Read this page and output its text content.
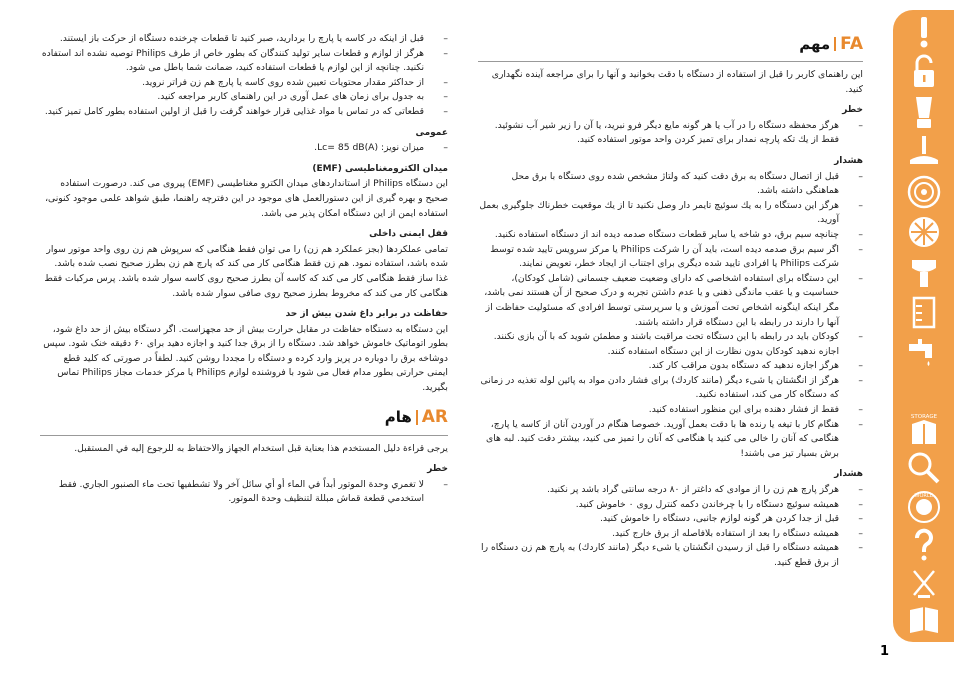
FA
مهم

این راهنمای کاربر را قبل از استفاده از دستگاه با دقت بخوانید و آنها را برای مراجعه آینده نگهداری کنید.

خطر
– هرگز محفظه دستگاه را در آب یا هر گونه مایع دیگر فرو نبرید، یا آن را زیر شیر آب نشوئید. فقط از یك تكه پارچه نمدار برای تمیز كردن واحد موتور استفاده كنید.
هشدار
– قبل از اتصال دستگاه به برق دقت کنید که ولتاژ مشخص شده روی دستگاه با برق محل هماهنگی داشته باشد.
– هرگز این دستگاه را به یك سوئیچ تایمر دار وصل نكنید تا از یك موقعیت خطرناك جلوگیری بعمل آورید.
– چنانچه سیم برق، دو شاخه یا سایر قطعات دستگاه صدمه دیده اند از دستگاه استفاده نكنید.
– اگر سیم برق صدمه دیده است، باید آن را شرکت Philips یا مرکز سرویس تایید شده توسط شرکت Philips یا افرادی تایید شده دیگری برای اجتناب از ایجاد خطر، تعویض نمایند.
– این دستگاه برای استفاده اشخاصی که دارای وضعیت ضعیف جسمانی (شامل کودکان)، حساسیت و یا عقب ماندگی ذهنی و یا عدم داشتن تجربه و درک صحیح از آن هستند نمی باشد، مگر اینکه اینگونه اشخاص تحت آموزش و یا سرپرستی توسط افرادی که مسئولیت حفاظت از آنها را دارند در رابطه با این دستگاه قرار داشته باشند.
– کودکان باید در رابطه با این دستگاه تحت مراقبت باشند و مطمئن شوید که با آن بازی نکنند. اجازه ندهید کودکان بدون نظارت از این دستگاه استفاده کنند.
– هرگز اجازه ندهید که دستگاه بدون مراقب كار كند.
– هرگز از انگشتان یا شیء دیگر (مانند كاردك) برای فشار دادن مواد به پائین لوله تغذیه در زمانی كه دستگاه كار می كند، استفاده نكنید.
– فقط از فشار دهنده برای این منظور استفاده كنید.
– هنگام کار با تیغه یا رنده ها با دقت بعمل آورید. خصوصا هنگام در آوردن آنان از کاسه یا پارچ، هنگامی که آنان را خالی می کنید یا هنگامی که آنان را تمیز می کنید، بیشتر دقت کنید. لبه های برش بسیار تیز می باشند!
هشدار
– هرگز پارچ هم زن را از موادی که داغتر از ۸۰ درجه سانتی گراد باشد پر نکنید.
– همیشه سوئیچ دستگاه را با چرخاندن دکمه کنترل روی ٠ خاموش کنید.
– قبل از جدا كردن هر گونه لوازم جانبی، دستگاه را خاموش كنید.
– همیشه دستگاه را بعد از استفاده بلافاصله از برق خارج كنید.
– همیشه دستگاه را قبل از رسیدن انگشتان یا شیء دیگر (مانند كاردك) به پارچ هم زن دستگاه را از برق قطع كنید.
– قبل از اینكه در كاسه یا پارچ را بردارید، صبر كنید تا قطعات چرخنده دستگاه از حركت باز ایستند.
– هرگز از لوازم و قطعات سایر تولید كنندگان كه بطور خاص از طرف Philips توصیه نشده اند استفاده نكنید. چنانچه از این لوازم یا قطعات استفاده كنید، ضمانت شما باطل می شود.
– از حداکثر مقدار محتویات تعیین شده روی کاسه یا پارچ هم زن فراتر نروید.
– به جدول برای زمان های عمل آوری در این راهنمای كاربر مراجعه كنید.
– قطعاتی که در تماس با مواد غذایی قرار خواهند گرفت را قبل از اولین استفاده بطور کامل تمیز کنید.
عمومی
– میزان نویز: Lc= 85 dB(A).
میدان الکترومغناطیسی (EMF)

این دستگاه Philips از استانداردهای میدان الکترو مغناطیسی (EMF) پیروی می کند. درصورت استفاده صحیح و بهره گیری از این دستورالعمل های موجود در این دفترچه راهنما، طبق شواهد علمی موجود کنونی، استفاده ایمن از این دستگاه امکان پذیر می باشد.

قفل ایمنی داخلی

تمامی عملکردها (بجز عملکرد هم زن) را می توان فقط هنگامی که سرپوش هم زن روی واحد موتور سوار شده باشد، استفاده نمود. هم زن فقط هنگامی کار می کند که پارچ هم زن بطرز صحیح نصب شده باشد. غذا ساز فقط هنگامی کار می کند که کاسه آن بطرز صحیح روی کاسه سوار شده باشد. پرس مرکبات فقط هنگامی کار می کند که مخروط بطرز صحیح روی صافی سوار شده باشد.

حفاظت در برابر داغ شدن بیش از حد

این دستگاه به دستگاه حفاظت در مقابل حرارت بیش از حد مجهزاست. اگر دستگاه بیش از حد داغ شود، بطور اتوماتیک خاموش خواهد شد. دستگاه را از برق جدا کنید و اجازه دهید برای ۶۰ دقیقه خنک شود. سپس دوشاخه برق را دوباره در پریز وارد کرده و دستگاه را مجددا روشن کنید. لطفاً در صورتی که کلید قطع ایمنی حرارتی بطور مدام فعال می شود با فروشنده لوازم Philips یا مرکز خدمات مجاز Philips تماس بگیرید.

AR
هام

يرجى قراءة دليل المستخدم هذا بعناية قبل استخدام الجهاز والاحتفاظ به للرجوع إليه في المستقبل.

خطر
– لا تغمري وحدة الموتور أبداً في الماء أو أي سائل آخر ولا تشطفيها تحت ماء الصنبور الجاري. فقط استخدمي قطعة قماش مبللة لتنظيف وحدة الموتور.
STORAGE
WORLD
1
